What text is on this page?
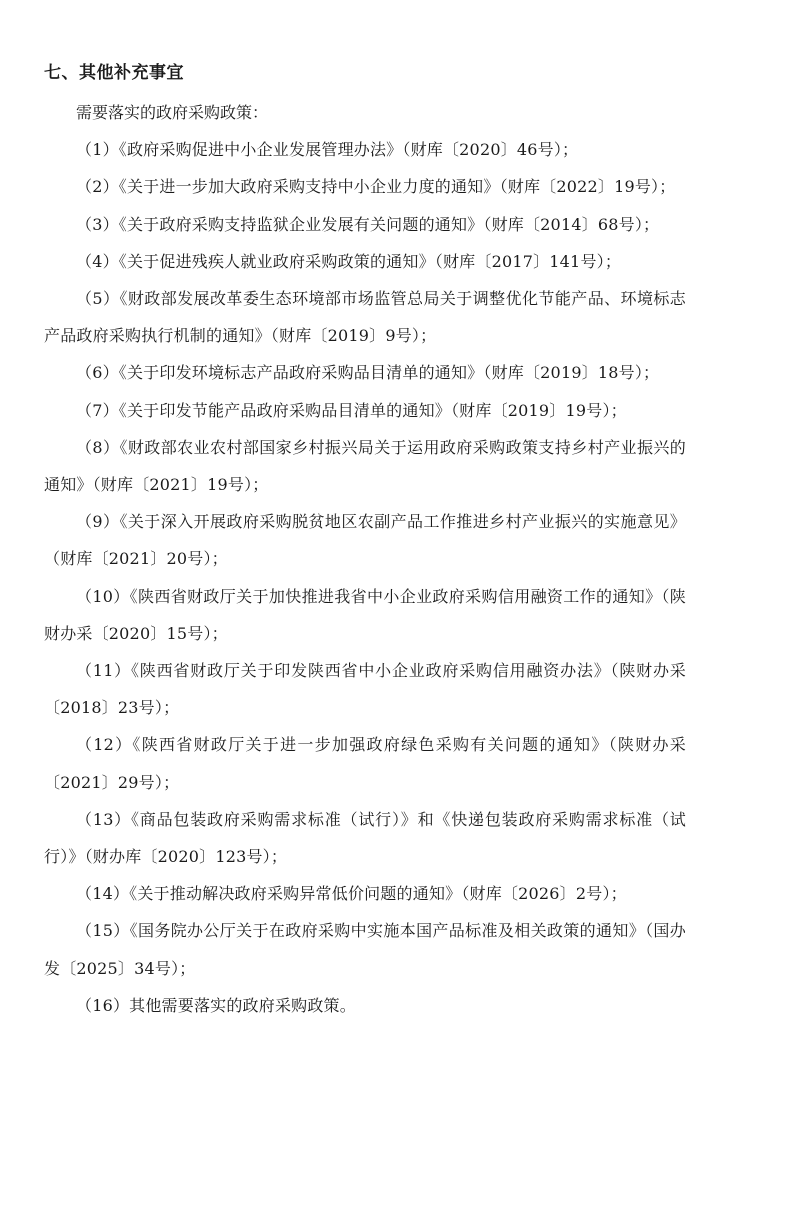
七、其他补充事宜

需要落实的政府采购政策：

（1）《政府采购促进中小企业发展管理办法》（财库〔2020〕46号）；

（2）《关于进一步加大政府采购支持中小企业力度的通知》（财库〔2022〕19号）；

（3）《关于政府采购支持监狱企业发展有关问题的通知》（财库〔2014〕68号）；

（4）《关于促进残疾人就业政府采购政策的通知》（财库〔2017〕141号）；

（5）《财政部发展改革委生态环境部市场监管总局关于调整优化节能产品、环境标志产品政府采购执行机制的通知》（财库〔2019〕9号）；

（6）《关于印发环境标志产品政府采购品目清单的通知》（财库〔2019〕18号）；

（7）《关于印发节能产品政府采购品目清单的通知》（财库〔2019〕19号）；

（8）《财政部农业农村部国家乡村振兴局关于运用政府采购政策支持乡村产业振兴的通知》（财库〔2021〕19号）；

（9）《关于深入开展政府采购脱贫地区农副产品工作推进乡村产业振兴的实施意见》（财库〔2021〕20号）；

（10）《陕西省财政厅关于加快推进我省中小企业政府采购信用融资工作的通知》（陕财办采〔2020〕15号）；

（11）《陕西省财政厅关于印发陕西省中小企业政府采购信用融资办法》（陕财办采〔2018〕23号）；

（12）《陕西省财政厅关于进一步加强政府绿色采购有关问题的通知》（陕财办采〔2021〕29号）；

（13）《商品包装政府采购需求标准（试行）》和《快递包装政府采购需求标准（试行）》（财办库〔2020〕123号）；

（14）《关于推动解决政府采购异常低价问题的通知》（财库〔2026〕2号）；

（15）《国务院办公厅关于在政府采购中实施本国产品标准及相关政策的通知》（国办发〔2025〕34号）；

（16）其他需要落实的政府采购政策。
